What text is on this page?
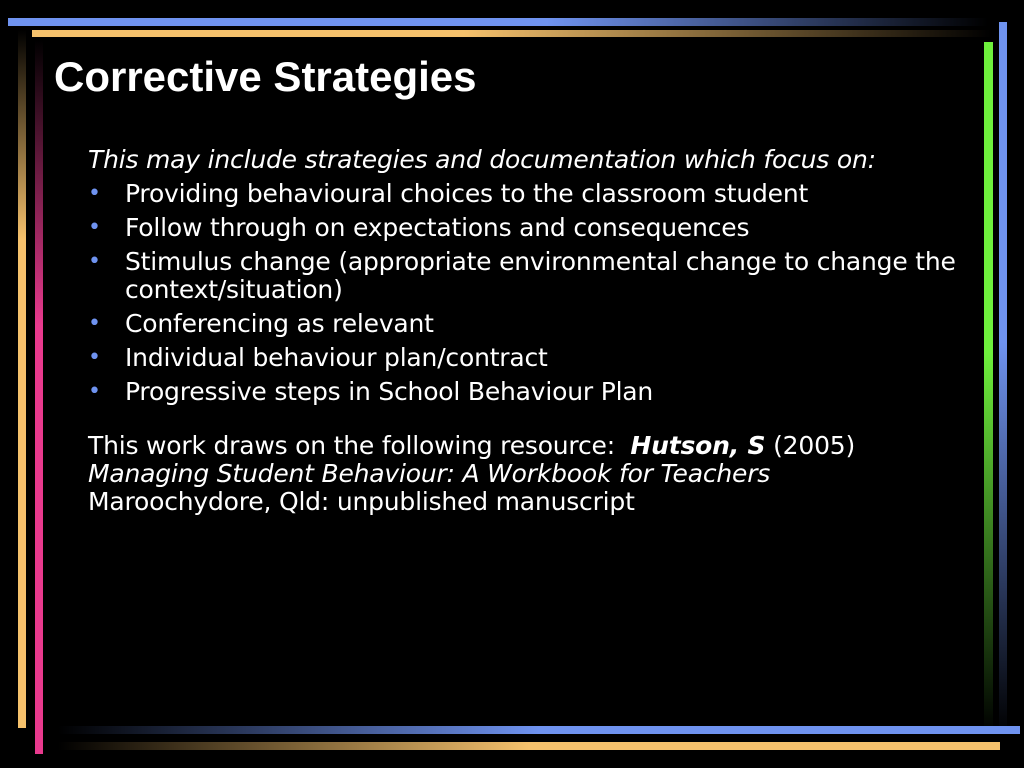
Corrective Strategies

This may include strategies and documentation which focus on:

• Providing behavioural choices to the classroom student
• Follow through on expectations and consequences
• Stimulus change (appropriate environmental change to change the context/situation)
• Conferencing as relevant
• Individual behaviour plan/contract
• Progressive steps in School Behaviour Plan

This work draws on the following resource: Hutson, S (2005)
Managing Student Behaviour: A Workbook for Teachers
Maroochydore, Qld: unpublished manuscript
